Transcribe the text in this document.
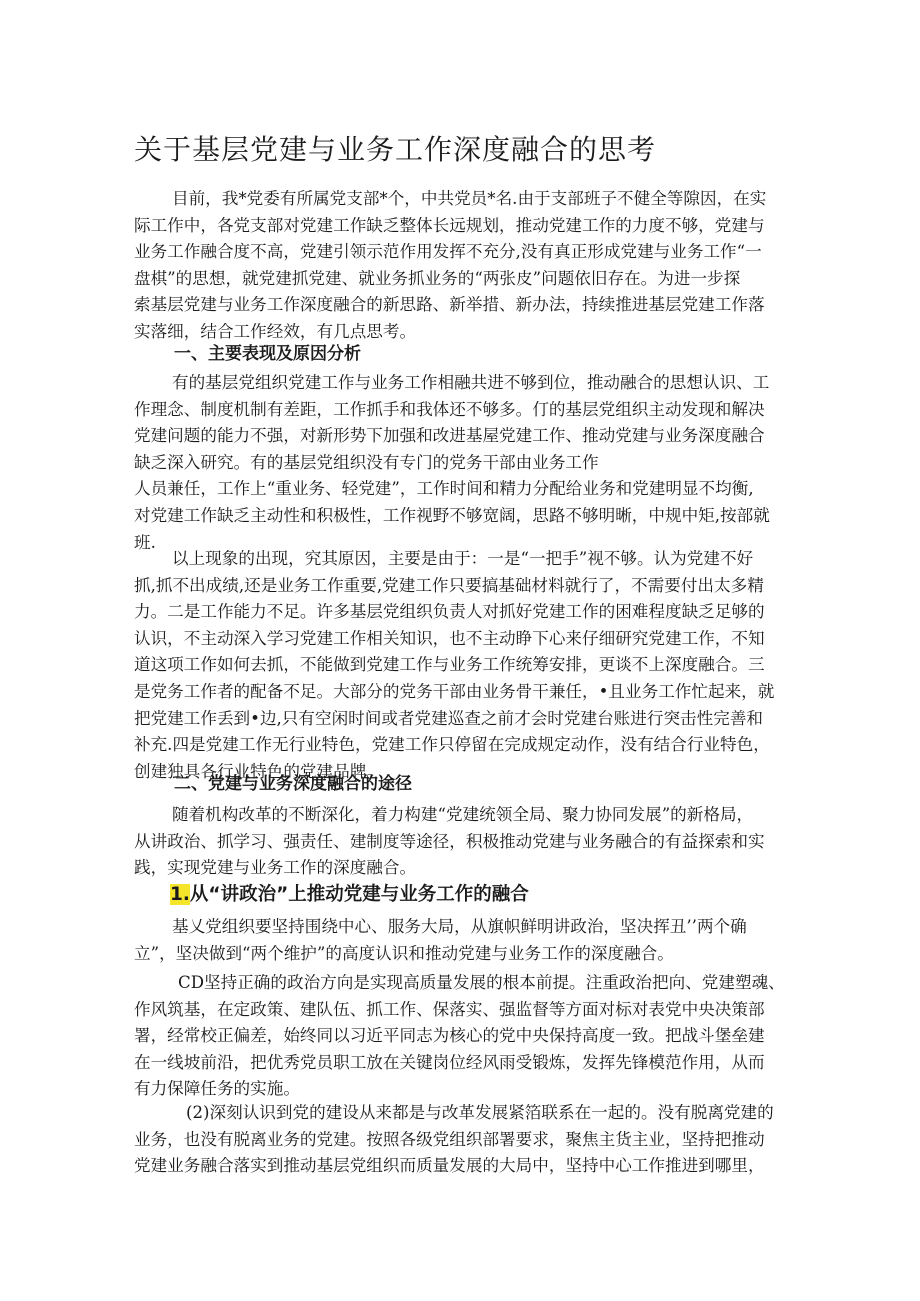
关于基层党建与业务工作深度融合的思考
目前，我*党委有所属党支部*个，中共党员*名.由于支部班子不健全等隙因，在实
际工作中，各党支部对党建工作缺乏整体长远规划，推动党建工作的力度不够，党建与
业务工作融合度不高，党建引领示范作用发挥不充分,没有真正形成党建与业务工作“一
盘棋”的思想，就党建抓党建、就业务抓业务的“两张皮”问题依旧存在。为进一步探
索基层党建与业务工作深度融合的新思路、新举措、新办法，持续推进基层党建工作落
实落细，结合工作经效，有几点思考。
一、主要表现及原因分析
有的基层党组织党建工作与业务工作相融共进不够到位，推动融合的思想认识、工
作理念、制度机制有差距，工作抓手和我体还不够多。仃的基层党组织主动发现和解决
党建问题的能力不强，对新形势下加强和改进基屋党建工作、推动党建与业务深度融合
缺乏深入研究。有的基层党组织没有专门的党务干部由业务工作
人员兼任，工作上“重业务、轻党建”，工作时间和精力分配给业务和党建明显不均衡,
对党建工作缺乏主动性和积极性，工作视野不够宽阔，思路不够明晰，中规中矩,按部就
班.
以上现象的出现，究其原因，主要是由于：一是“一把手”视不够。认为党建不好
抓,抓不出成绩,还是业务工作重要,党建工作只要搞基础材料就行了，不需要付出太多精
力。二是工作能力不足。许多基层党组织负责人对抓好党建工作的困难程度缺乏足够的
认识，不主动深入学习党建工作相关知识，也不主动睁下心来仔细研究党建工作，不知
道这项工作如何去抓，不能做到党建工作与业务工作统筹安排，更谈不上深度融合。三
是党务工作者的配备不足。大部分的党务干部由业务骨干兼任，•且业务工作忙起来，就
把党建工作丢到•边,只有空闲时间或者党建巡查之前才会时党建台账进行突击性完善和
补充.四是党建工作无行业特色，党建工作只停留在完成规定动作，没有结合行业特色，
创建独具各行业特色的党建品牌。
二、党建与业务深度融合的途径
随着机构改革的不断深化，着力构建“党建统领全局、聚力协同发展”的新格局，
从讲政治、抓学习、强责任、建制度等途径，积极推动党建与业务融合的有益探索和实
践，实现党建与业务工作的深度融合。
1.从“讲政治”上推动党建与业务工作的融合
基乂党组织要坚持围绕中心、服务大局，从旗帜鲜明讲政治，坚决挥丑’’两个确
立”，坚决做到“两个维护”的高度认识和推动党建与业务工作的深度融合。
CD坚持正确的政治方向是实现高质量发展的根本前提。注重政治把向、党建塑魂、
作风筑基，在定政策、建队伍、抓工作、保落实、强监督等方面对标对表党中央决策部
署，经常校正偏差，始终同以习近平同志为核心的党中央保持高度一致。把战斗堡垒建
在一线坡前沿，把优秀党员职工放在关键岗位经风雨受锻炼，发挥先锋模范作用，从而
有力保障任务的实施。
(2)深刻认识到党的建设从来都是与改革发展紧箔联系在一起的。没有脱离党建的
业务，也没有脱离业务的党建。按照各级党组织部署要求，聚焦主货主业，坚持把推动
党建业务融合落实到推动基层党组织而质量发展的大局中，坚持中心工作推进到哪里，
